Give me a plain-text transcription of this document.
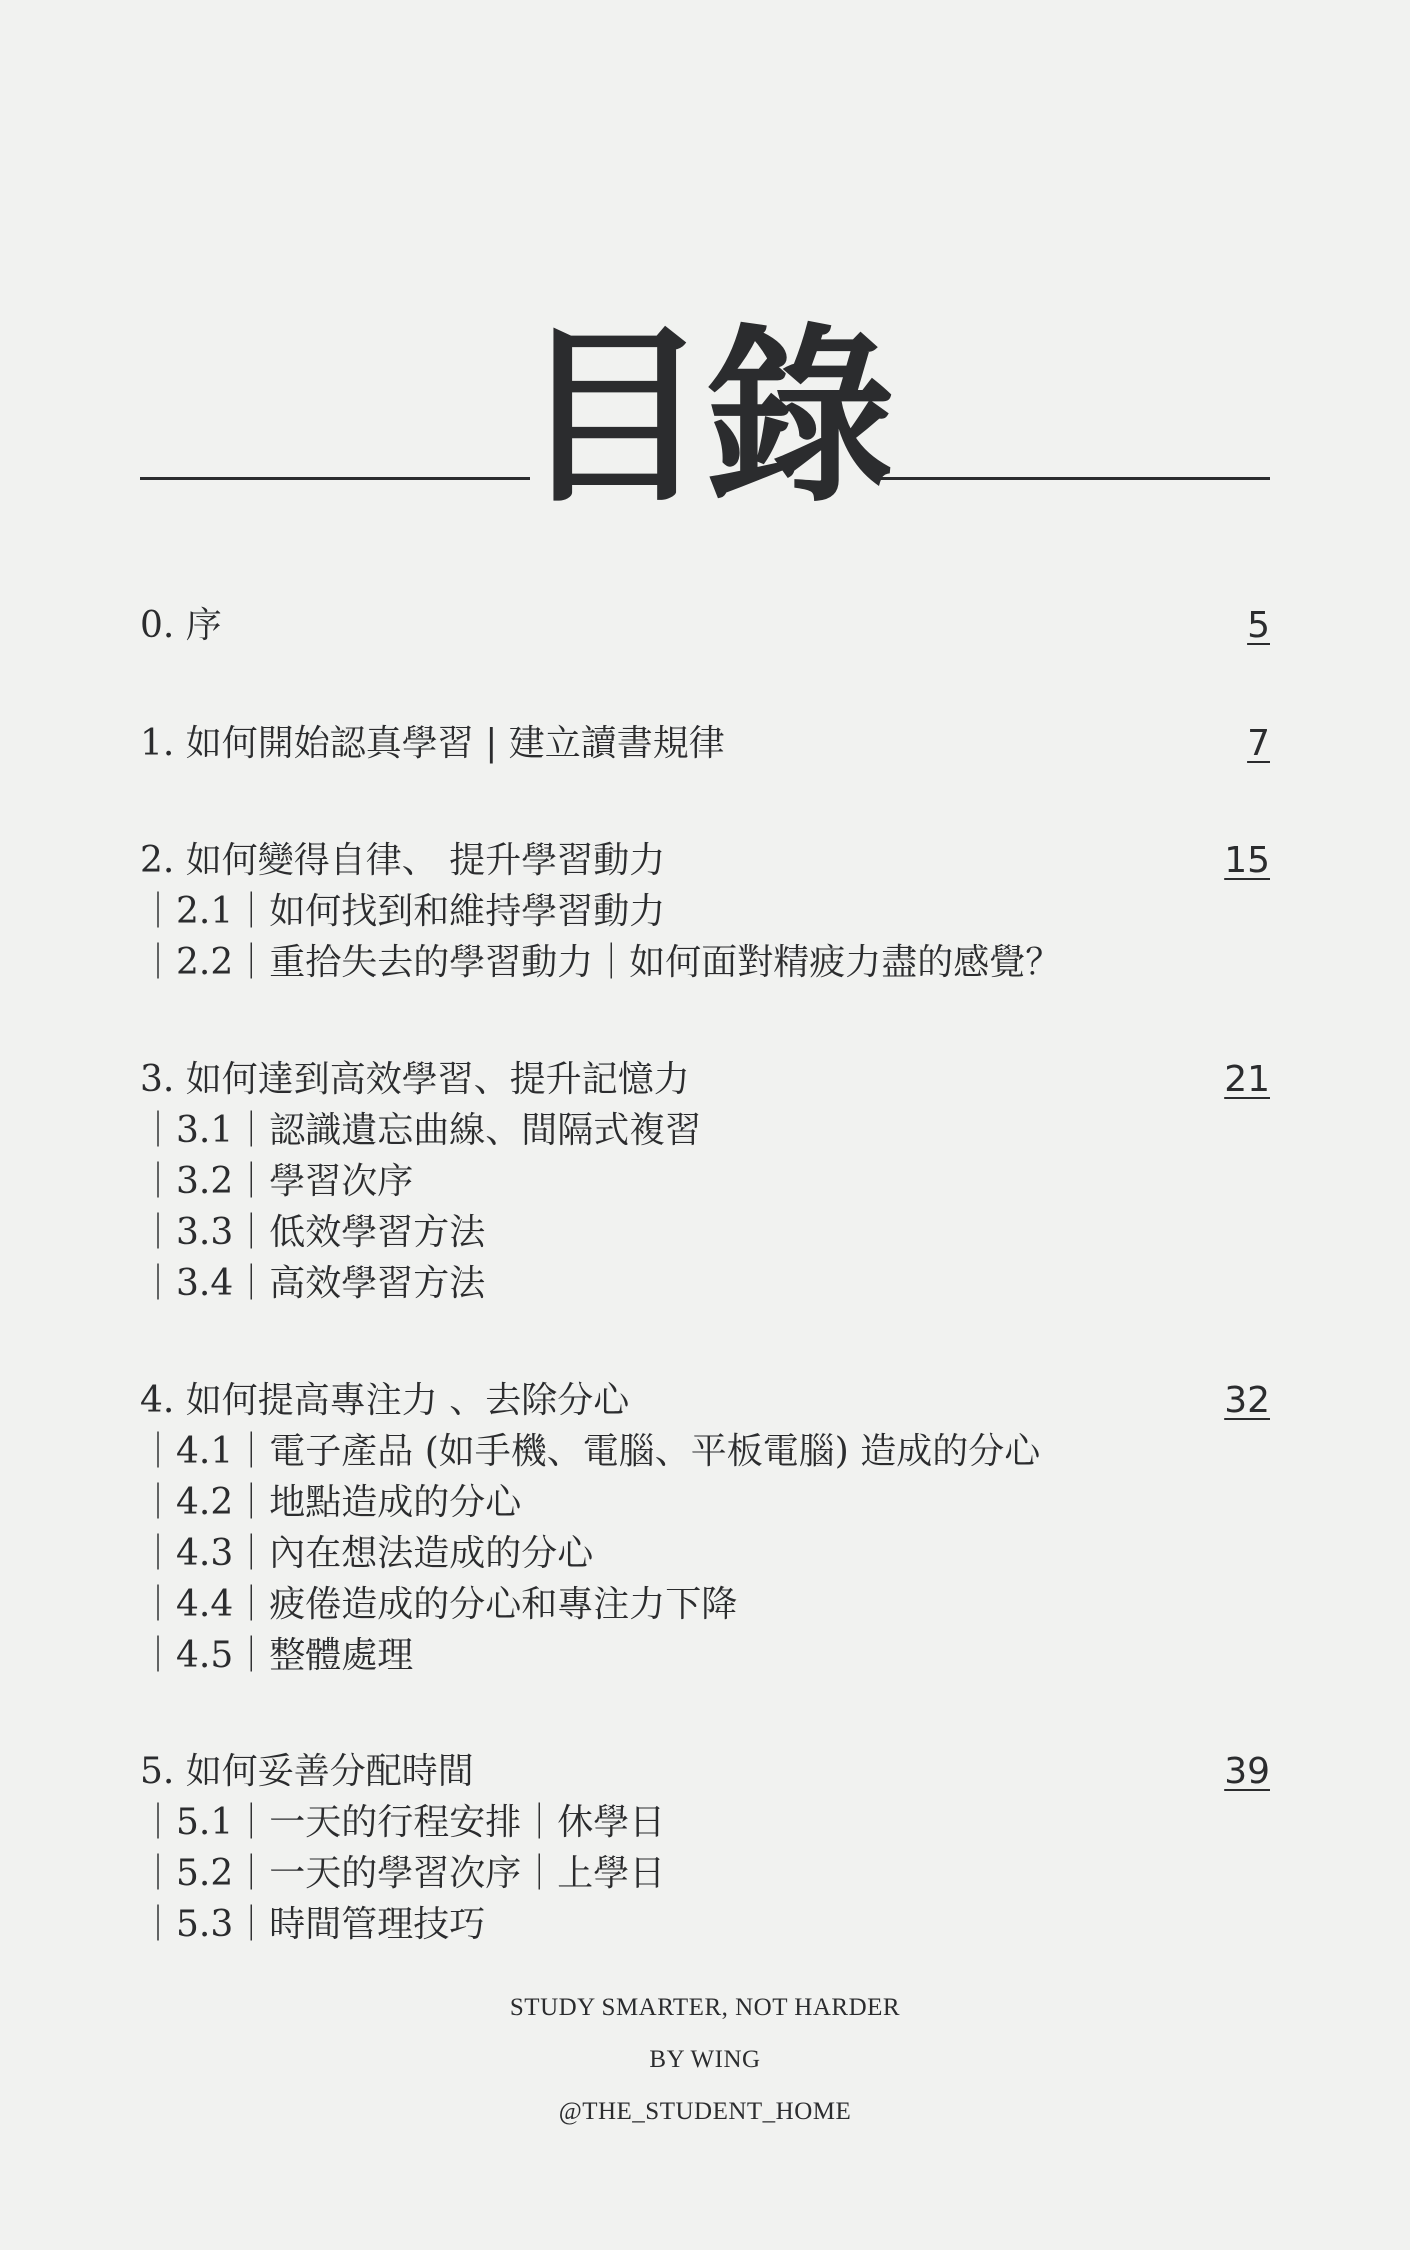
目錄
0. 序	5
1. 如何開始認真學習 | 建立讀書規律	7
2. 如何變得自律、 提升學習動力	15
｜2.1｜如何找到和維持學習動力
｜2.2｜重拾失去的學習動力｜如何面對精疲力盡的感覺？
3. 如何達到高效學習、提升記憶力	21
｜3.1｜認識遺忘曲線、間隔式複習
｜3.2｜學習次序
｜3.3｜低效學習方法
｜3.4｜高效學習方法
4. 如何提高專注力 、去除分心	32
｜4.1｜電子產品 (如手機、電腦、平板電腦) 造成的分心
｜4.2｜地點造成的分心
｜4.3｜內在想法造成的分心
｜4.4｜疲倦造成的分心和專注力下降
｜4.5｜整體處理
5. 如何妥善分配時間	39
｜5.1｜一天的行程安排｜休學日
｜5.2｜一天的學習次序｜上學日
｜5.3｜時間管理技巧
STUDY SMARTER, NOT HARDER
BY WING
@THE_STUDENT_HOME
